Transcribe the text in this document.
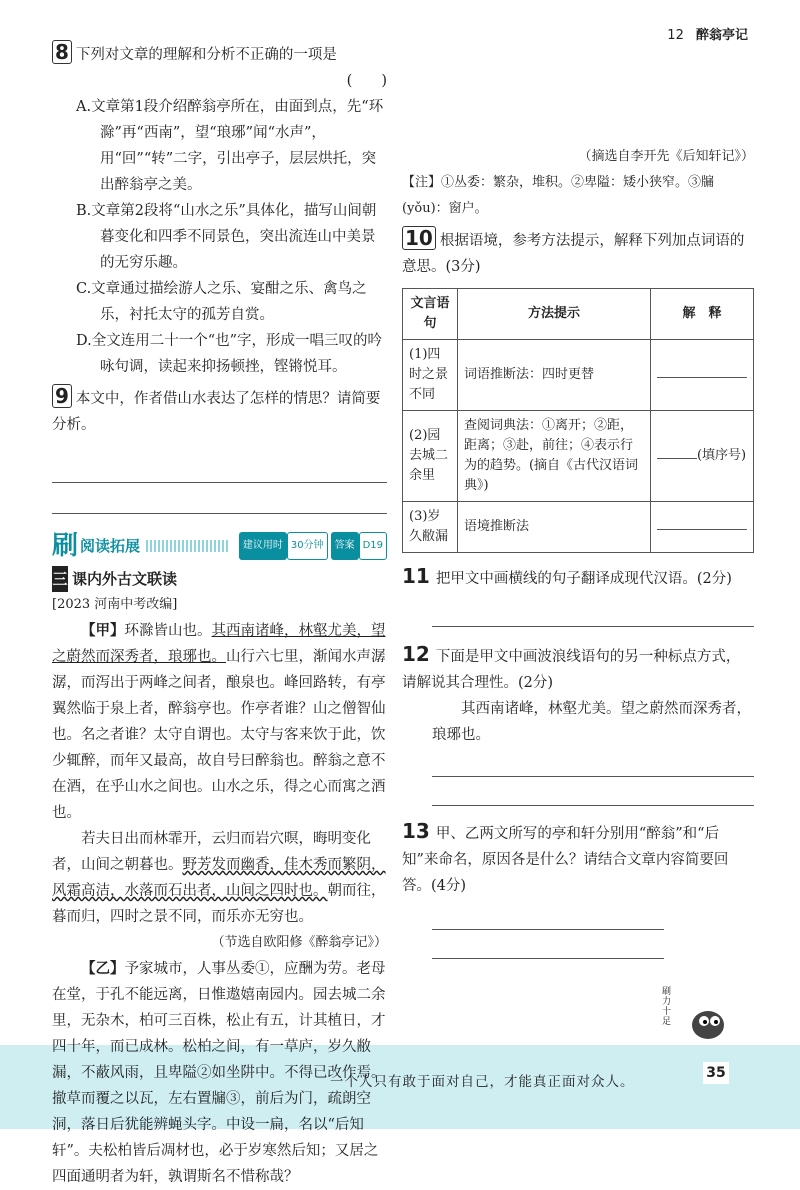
12 醉翁亭记

8 下列对文章的理解和分析不正确的一项是

(　　)

A.文章第1段介绍醉翁亭所在，由面到点，先“环滁”再“西南”，望“琅琊”闻“水声”，用“回”“转”二字，引出亭子，层层烘托，突出醉翁亭之美。

B.文章第2段将“山水之乐”具体化，描写山间朝暮变化和四季不同景色，突出流连山中美景的无穷乐趣。

C.文章通过描绘游人之乐、宴酣之乐、禽鸟之乐，衬托太守的孤芳自赏。

D.全文连用二十一个“也”字，形成一唱三叹的吟咏句调，读起来抑扬顿挫，铿锵悦耳。

9 本文中，作者借山水表达了怎样的情思？请简要分析。

刷 阅读拓展	建议用时 30分钟	答案 D19

三 课内外古文联读

[2023 河南中考改编]

【甲】环滁皆山也。其西南诸峰，林壑尤美，望之蔚然而深秀者，琅琊也。山行六七里，渐闻水声潺潺，而泻出于两峰之间者，酿泉也。峰回路转，有亭翼然临于泉上者，醉翁亭也。作亭者谁？山之僧智仙也。名之者谁？太守自谓也。太守与客来饮于此，饮少辄醉，而年又最高，故自号曰醉翁也。醉翁之意不在酒，在乎山水之间也。山水之乐，得之心而寓之酒也。

若夫日出而林霏开，云归而岩穴暝，晦明变化者，山间之朝暮也。野芳发而幽香，佳木秀而繁阴，风霜高洁，水落而石出者，山间之四时也。朝而往，暮而归，四时之景不同，而乐亦无穷也。

（节选自欧阳修《醉翁亭记》）

【乙】予家城市，人事丛委①，应酬为劳。老母在堂，于孔不能远离，日惟遨嬉南园内。园去城二余里，无杂木，柏可三百株，松止有五，计其植日，才四十年，而已成林。松柏之间，有一草庐，岁久敝漏，不蔽风雨，且卑隘②如坐阱中。不得已改作焉。撤草而覆之以瓦，左右置牖③，前后为门，疏朗空洞，落日后犹能辨蝇头字。中设一扁，名以“后知轩”。夫松柏皆后凋材也，必于岁寒然后知；又居之四面通明者为轩，孰谓斯名不惜称哉？

（摘选自李开先《后知轩记》）

【注】①丛委：繁杂，堆积。②卑隘：矮小狭窄。③牖(yǒu)：窗户。

10 根据语境，参考方法提示，解释下列加点词语的意思。(3分)

文言语句	方法提示	解　释
(1)四时之景不同	词语推断法：四时更替	
(2)园去城二余里	查阅词典法：①离开；②距，距离；③赴，前往；④表示行为的趋势。(摘自《古代汉语词典》)	(填序号)
(3)岁久敝漏	语境推断法	

11 把甲文中画横线的句子翻译成现代汉语。(2分)

12 下面是甲文中画波浪线语句的另一种标点方式，请解说其合理性。(2分)

其西南诸峰，林壑尤美。望之蔚然而深秀者，琅琊也。

13 甲、乙两文所写的亭和轩分别用“醉翁”和“后知”来命名，原因各是什么？请结合文章内容简要回答。(4分)

刷力十足
一个人只有敢于面对自己，才能真正面对众人。
35
